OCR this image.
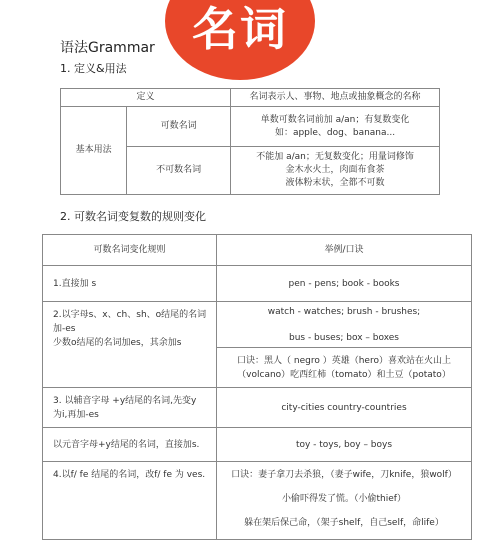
名词
语法Grammar
1. 定义&用法
定义		名词表示人、事物、地点或抽象概念的名称
基本用法	可数名词	单数可数名词前加 a/an；有复数变化
如：apple、dog、banana...

	不可数名词	不能加 a/an；无复数变化；用量词修饰
金木水火土，肉面布食茶
液体粉末状，全都不可数
2. 可数名词变复数的规则变化
可数名词变化规则	举例/口诀
1.直接加 s	pen - pens; book - books

2.以字母s、x、ch、sh、o结尾的名词
加-es
少数o结尾的名词加es，其余加s	watch - watches; brush - brushes;
bus - buses; box – boxes

	口诀：黑人（ negro ）英雄（hero）喜欢站在火山上
（volcano）吃西红柿（tomato）和土豆（potato）

3. 以辅音字母 +y结尾的名词,先变y
为i,再加-es	city-cities country-countries
以元音字母+y结尾的名词，直接加s.	toy - toys, boy – boys
4.以f/ fe 结尾的名词，改f/ fe 为 ves.	口诀：妻子拿刀去杀狼，（妻子wife，刀knife，狼wolf）
小偷吓得发了慌。（小偷thief）
躲在架后保己命，（架子shelf，自己self，命life）
